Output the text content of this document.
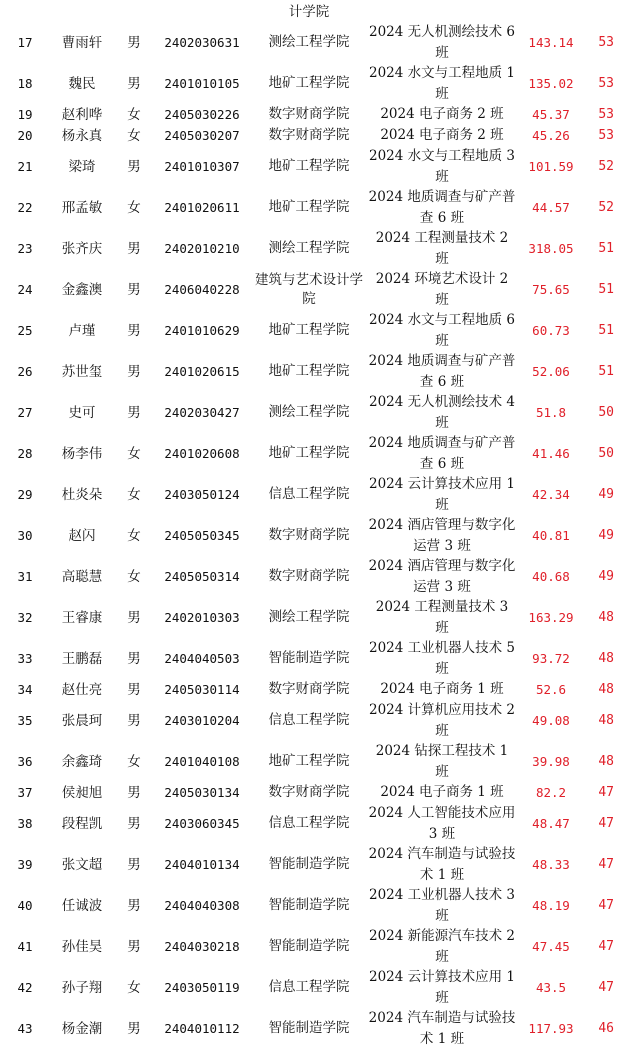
计学院
17	曹雨轩	男	2402030631	测绘工程学院	2024 无人机测绘技术 6 班	143.14	53
18	魏民	男	2401010105	地矿工程学院	2024 水文与工程地质 1 班	135.02	53
19	赵利哗	女	2405030226	数字财商学院	2024 电子商务 2 班	45.37	53
20	杨永真	女	2405030207	数字财商学院	2024 电子商务 2 班	45.26	53
21	梁琦	男	2401010307	地矿工程学院	2024 水文与工程地质 3 班	101.59	52
22	邢孟敏	女	2401020611	地矿工程学院	2024 地质调查与矿产普查 6 班	44.57	52
23	张齐庆	男	2402010210	测绘工程学院	2024 工程测量技术 2 班	318.05	51
24	金鑫澳	男	2406040228	建筑与艺术设计学院	2024 环境艺术设计 2 班	75.65	51
25	卢瑾	男	2401010629	地矿工程学院	2024 水文与工程地质 6 班	60.73	51
26	苏世玺	男	2401020615	地矿工程学院	2024 地质调查与矿产普查 6 班	52.06	51
27	史可	男	2402030427	测绘工程学院	2024 无人机测绘技术 4 班	51.8	50
28	杨李伟	女	2401020608	地矿工程学院	2024 地质调查与矿产普查 6 班	41.46	50
29	杜炎朵	女	2403050124	信息工程学院	2024 云计算技术应用 1 班	42.34	49
30	赵闪	女	2405050345	数字财商学院	2024 酒店管理与数字化运营 3 班	40.81	49
31	高聪慧	女	2405050314	数字财商学院	2024 酒店管理与数字化运营 3 班	40.68	49
32	王睿康	男	2402010303	测绘工程学院	2024 工程测量技术 3 班	163.29	48
33	王鹏磊	男	2404040503	智能制造学院	2024 工业机器人技术 5 班	93.72	48
34	赵仕亮	男	2405030114	数字财商学院	2024 电子商务 1 班	52.6	48
35	张晨珂	男	2403010204	信息工程学院	2024 计算机应用技术 2 班	49.08	48
36	余鑫琦	女	2401040108	地矿工程学院	2024 钻探工程技术 1 班	39.98	48
37	侯昶旭	男	2405030134	数字财商学院	2024 电子商务 1 班	82.2	47
38	段程凯	男	2403060345	信息工程学院	2024 人工智能技术应用 3 班	48.47	47
39	张文超	男	2404010134	智能制造学院	2024 汽车制造与试验技术 1 班	48.33	47
40	任诚波	男	2404040308	智能制造学院	2024 工业机器人技术 3 班	48.19	47
41	孙佳昊	男	2404030218	智能制造学院	2024 新能源汽车技术 2 班	47.45	47
42	孙子翔	女	2403050119	信息工程学院	2024 云计算技术应用 1 班	43.5	47
43	杨金潮	男	2404010112	智能制造学院	2024 汽车制造与试验技术 1 班	117.93	46
